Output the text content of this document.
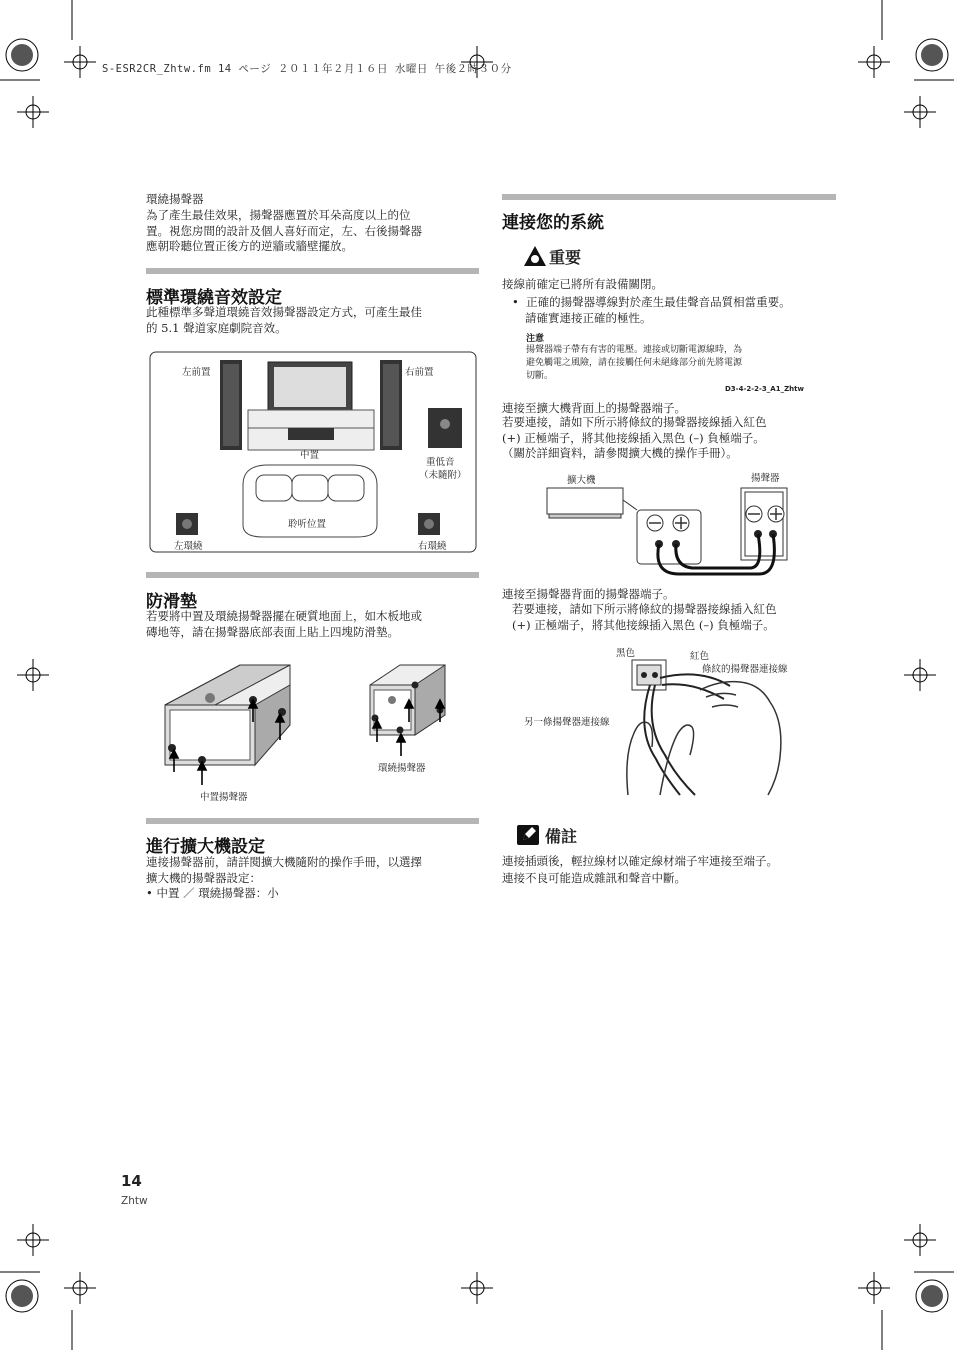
S-ESR2CR_Zhtw.fm 14 ページ ２０１１年２月１６日 水曜日 午後２時３０分
環繞揚聲器
為了產生最佳效果，揚聲器應置於耳朵高度以上的位
置。視您房間的設計及個人喜好而定，左、右後揚聲器
應朝聆聽位置正後方的逆牆或牆壁擺放。
標準環繞音效設定
此種標準多聲道環繞音效揚聲器設定方式，可產生最佳
的 5.1 聲道家庭劇院音效。
左前置	右前置
中置
重低音
（未隨附）
聆听位置
左環繞	右環繞
防滑墊
若要將中置及環繞揚聲器擺在硬質地面上，如木板地或
磚地等，請在揚聲器底部表面上貼上四塊防滑墊。
中置揚聲器
環繞揚聲器
進行擴大機設定
連接揚聲器前，請詳閱擴大機隨附的操作手冊，以選擇
擴大機的揚聲器設定：
• 中置 ／ 環繞揚聲器：小
連接您的系統
重要
接線前確定已將所有設備關閉。
•  正確的揚聲器導線對於產生最佳聲音品質相當重要。
請確實連接正確的極性。
注意
揚聲器端子帶有有害的電壓。連接或切斷電源線時，為
避免觸電之風險，請在接觸任何未絕緣部分前先將電源
切斷。
D3-4-2-2-3_A1_Zhtw
連接至擴大機背面上的揚聲器端子。
若要連接，請如下所示將條紋的揚聲器接線插入紅色
(+) 正極端子，將其他接線插入黑色 (–) 負極端子。
（關於詳細資料，請參閱擴大機的操作手冊）。
擴大機	揚聲器
連接至揚聲器背面的揚聲器端子。
若要連接，請如下所示將條紋的揚聲器接線插入紅色
(+) 正極端子，將其他接線插入黑色 (–) 負極端子。
黑色	紅色
條紋的揚聲器連接線
另一條揚聲器連接線
備註
連接插頭後，輕拉線材以確定線材端子牢連接至端子。
連接不良可能造成雜訊和聲音中斷。
14
Zhtw
